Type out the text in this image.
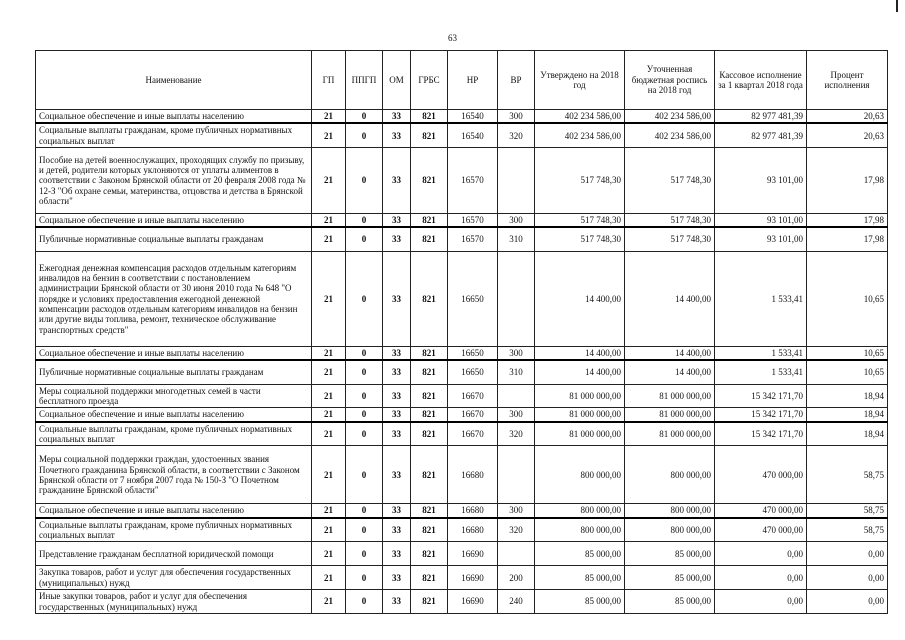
63
Наименование	ГП	ППГП	ОМ	ГРБС	НР	ВР	Утверждено на 2018 год	Уточненная бюджетная роспись на 2018 год	Кассовое исполнение за 1 квартал 2018 года	Процент исполнения
Социальное обеспечение и иные выплаты населению	21	0	33	821	16540	300	402 234 586,00	402 234 586,00	82 977 481,39	20,63
Социальные выплаты гражданам, кроме публичных нормативных социальных выплат	21	0	33	821	16540	320	402 234 586,00	402 234 586,00	82 977 481,39	20,63
Пособие на детей военнослужащих, проходящих службу по призыву, и детей, родители которых уклоняются от уплаты алиментов в соответствии с Законом Брянской области от 20 февраля 2008 года № 12-З "Об охране семьи, материнства, отцовства и детства в Брянской области"	21	0	33	821	16570		517 748,30	517 748,30	93 101,00	17,98
Социальное обеспечение и иные выплаты населению	21	0	33	821	16570	300	517 748,30	517 748,30	93 101,00	17,98
Публичные нормативные социальные выплаты гражданам	21	0	33	821	16570	310	517 748,30	517 748,30	93 101,00	17,98
Ежегодная денежная компенсация расходов отдельным категориям инвалидов на бензин в соответствии с постановлением администрации Брянской области от 30 июня 2010 года № 648 "О порядке и условиях предоставления ежегодной денежной компенсации расходов отдельным категориям инвалидов на бензин или другие виды топлива, ремонт, техническое обслуживание транспортных средств"	21	0	33	821	16650		14 400,00	14 400,00	1 533,41	10,65
Социальное обеспечение и иные выплаты населению	21	0	33	821	16650	300	14 400,00	14 400,00	1 533,41	10,65
Публичные нормативные социальные выплаты гражданам	21	0	33	821	16650	310	14 400,00	14 400,00	1 533,41	10,65
Меры социальной поддержки многодетных семей в части бесплатного проезда	21	0	33	821	16670		81 000 000,00	81 000 000,00	15 342 171,70	18,94
Социальное обеспечение и иные выплаты населению	21	0	33	821	16670	300	81 000 000,00	81 000 000,00	15 342 171,70	18,94
Социальные выплаты гражданам, кроме публичных нормативных социальных выплат	21	0	33	821	16670	320	81 000 000,00	81 000 000,00	15 342 171,70	18,94
Меры социальной поддержки граждан, удостоенных звания Почетного гражданина Брянской области, в соответствии с Законом Брянской области от 7 ноября 2007 года № 150-З "О Почетном гражданине Брянской области"	21	0	33	821	16680		800 000,00	800 000,00	470 000,00	58,75
Социальное обеспечение и иные выплаты населению	21	0	33	821	16680	300	800 000,00	800 000,00	470 000,00	58,75
Социальные выплаты гражданам, кроме публичных нормативных социальных выплат	21	0	33	821	16680	320	800 000,00	800 000,00	470 000,00	58,75
Представление гражданам бесплатной юридической помощи	21	0	33	821	16690		85 000,00	85 000,00	0,00	0,00
Закупка товаров, работ и услуг для обеспечения государственных (муниципальных) нужд	21	0	33	821	16690	200	85 000,00	85 000,00	0,00	0,00
Иные закупки товаров, работ и услуг для обеспечения государственных (муниципальных) нужд	21	0	33	821	16690	240	85 000,00	85 000,00	0,00	0,00
